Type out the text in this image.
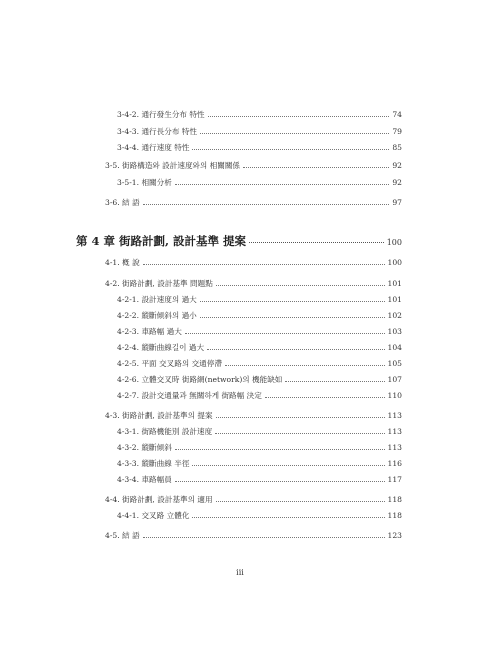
3-4-2. 通行發生分布 特性	74
3-4-3. 通行長分布 特性	79
3-4-4. 通行速度 特性	85
3-5. 街路構造와 設計速度와의 相關關係	92
3-5-1. 相關分析	92
3-6. 結 語	97
第 4 章 街路計劃, 設計基準 提案	100
4-1. 槪 說	100
4-2. 街路計劃, 設計基準 問題點	101
4-2-1. 設計速度의 過大	101
4-2-2. 縱斷傾斜의 過小	102
4-2-3. 車路幅 過大	103
4-2-4. 縱斷曲線길이 過大	104
4-2-5. 平面 交叉路의 交通停滯	105
4-2-6. 立體交叉時 街路網(network)의 機能缺如	107
4-2-7. 設計交通量과 無關하게 街路幅 決定	110
4-3. 街路計劃, 設計基準의 提案	113
4-3-1. 街路機能別 設計速度	113
4-3-2. 縱斷傾斜	113
4-3-3. 縱斷曲線 半徑	116
4-3-4. 車路幅員	117
4-4. 街路計劃, 設計基準의 適用	118
4-4-1. 交叉路 立體化	118
4-5. 結 語	123
iii
